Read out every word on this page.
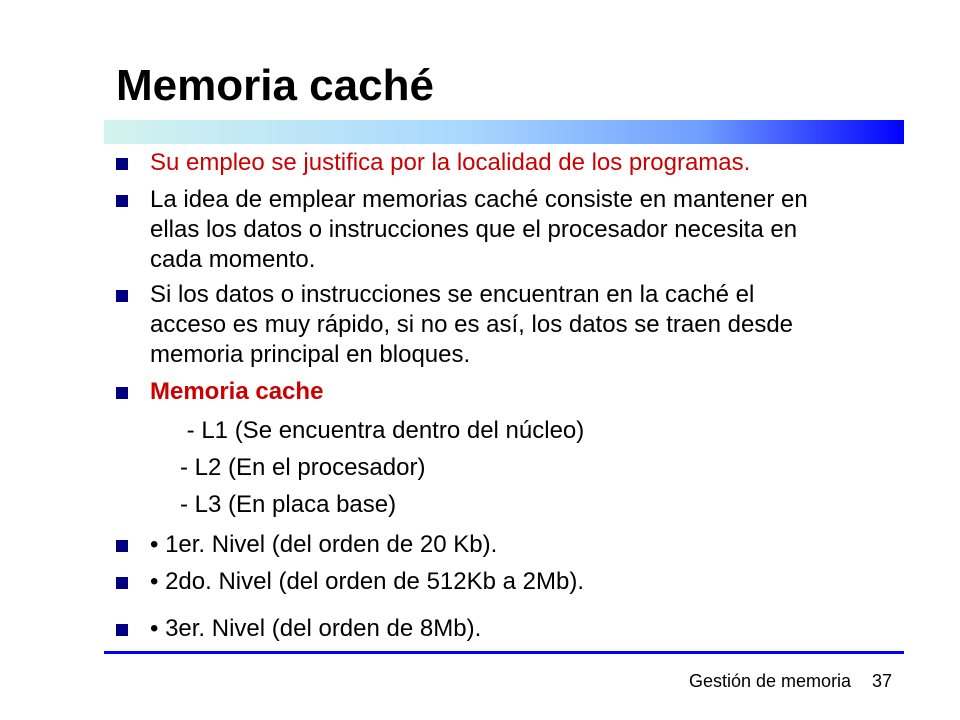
Memoria caché
Su empleo se justifica por la localidad de los programas.
La idea de emplear memorias caché consiste en mantener en
ellas los datos o instrucciones que el procesador necesita en
cada momento.
Si los datos o instrucciones se encuentran en la caché el
acceso es muy rápido, si no es así, los datos se traen desde
memoria principal en bloques.
Memoria cache
- L1 (Se encuentra dentro del núcleo)
- L2 (En el procesador)
- L3 (En placa base)
• 1er. Nivel (del orden de 20 Kb).
• 2do. Nivel (del orden de 512Kb a 2Mb).
• 3er. Nivel (del orden de 8Mb).
Gestión de memoria 37
